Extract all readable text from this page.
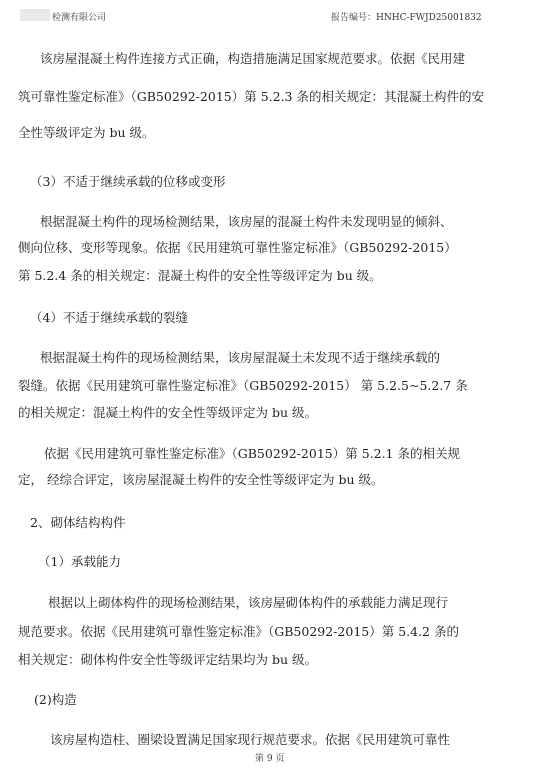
检测有限公司	报告编号：HNHC-FWJD25001832
该房屋混凝土构件连接方式正确，构造措施满足国家规范要求。依据《民用建
筑可靠性鉴定标准》（GB50292-2015）第 5.2.3 条的相关规定：其混凝土构件的安
全性等级评定为 bu 级。
（3）不适于继续承载的位移或变形
根据混凝土构件的现场检测结果，该房屋的混凝土构件未发现明显的倾斜、
侧向位移、变形等现象。依据《民用建筑可靠性鉴定标准》（GB50292-2015）
第 5.2.4 条的相关规定：混凝土构件的安全性等级评定为 bu 级。
（4）不适于继续承载的裂缝
根据混凝土构件的现场检测结果，该房屋混凝土未发现不适于继续承载的
裂缝。依据《民用建筑可靠性鉴定标准》（GB50292-2015） 第 5.2.5~5.2.7 条
的相关规定：混凝土构件的安全性等级评定为 bu 级。
依据《民用建筑可靠性鉴定标准》（GB50292-2015）第 5.2.1 条的相关规
定， 经综合评定，该房屋混凝土构件的安全性等级评定为 bu 级。
2、砌体结构构件
（1）承载能力
根据以上砌体构件的现场检测结果，该房屋砌体构件的承载能力满足现行
规范要求。依据《民用建筑可靠性鉴定标准》（GB50292-2015）第 5.4.2 条的
相关规定：砌体构件安全性等级评定结果均为 bu 级。
(2)构造
该房屋构造柱、圈梁设置满足国家现行规范要求。依据《民用建筑可靠性
第 9 页
